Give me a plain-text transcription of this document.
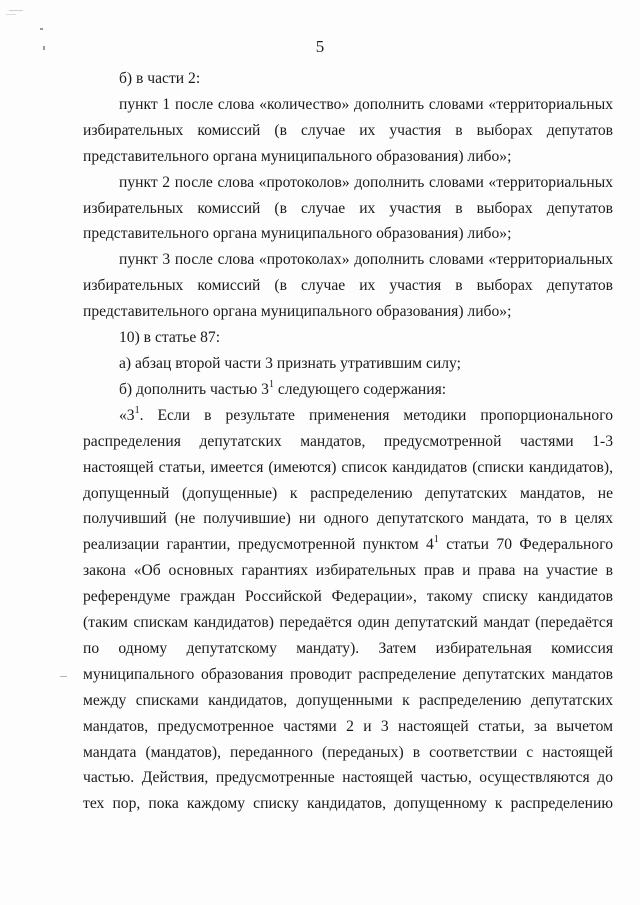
5

б) в части 2:

пункт 1 после слова «количество» дополнить словами «территориальных избирательных комиссий (в случае их участия в выборах депутатов представительного органа муниципального образования) либо»;

пункт 2 после слова «протоколов» дополнить словами «территориальных избирательных комиссий (в случае их участия в выборах депутатов представительного органа муниципального образования) либо»;

пункт 3 после слова «протоколах» дополнить словами «территориальных избирательных комиссий (в случае их участия в выборах депутатов представительного органа муниципального образования) либо»;

10) в статье 87:

а) абзац второй части 3 признать утратившим силу;

б) дополнить частью $3^1$ следующего содержания:

«$3^1$. Если в результате применения методики пропорционального распределения депутатских мандатов, предусмотренной частями 1-3 настоящей статьи, имеется (имеются) список кандидатов (списки кандидатов), допущенный (допущенные) к распределению депутатских мандатов, не получивший (не получившие) ни одного депутатского мандата, то в целях реализации гарантии, предусмотренной пунктом $4^1$ статьи 70 Федерального закона «Об основных гарантиях избирательных прав и права на участие в референдуме граждан Российской Федерации», такому списку кандидатов (таким спискам кандидатов) передаётся один депутатский мандат (передаётся по одному депутатскому мандату). Затем избирательная комиссия муниципального образования проводит распределение депутатских мандатов между списками кандидатов, допущенными к распределению депутатских мандатов, предусмотренное частями 2 и 3 настоящей статьи, за вычетом мандата (мандатов), переданного (переданых) в соответствии с настоящей частью. Действия, предусмотренные настоящей частью, осуществляются до тех пор, пока каждому списку кандидатов, допущенному к распределению
